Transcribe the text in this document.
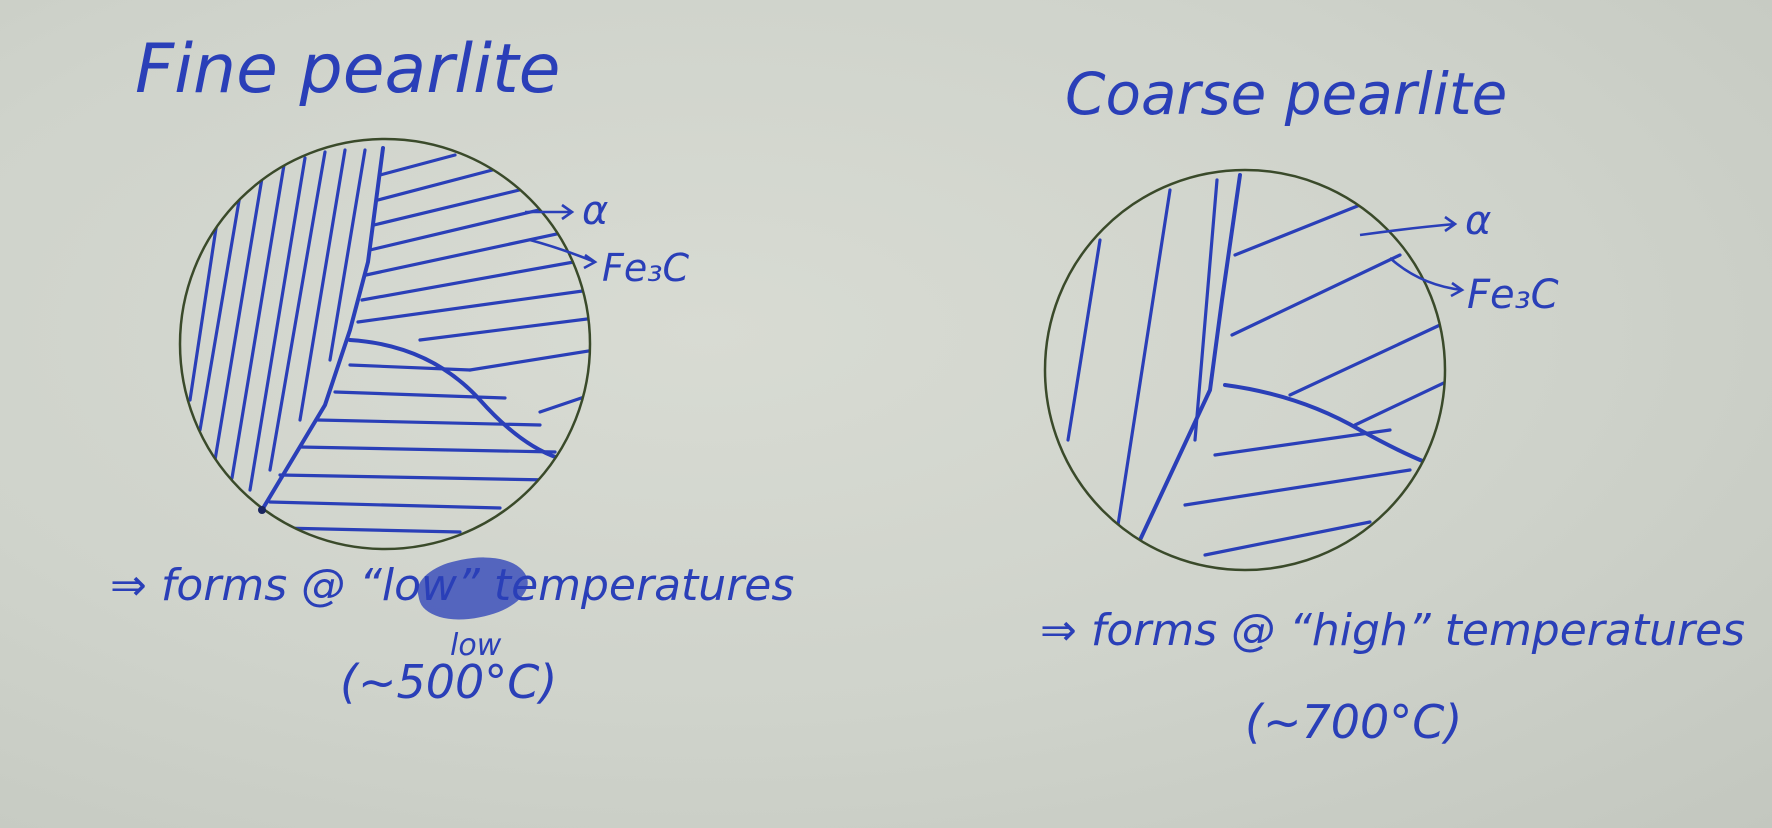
Fine pearlite	Coarse pearlite

α

Fe₃C

α

Fe₃C

⇒ forms @ “low” temperatures

low

(~500°C)

⇒ forms @ “high” temperatures

(~700°C)
